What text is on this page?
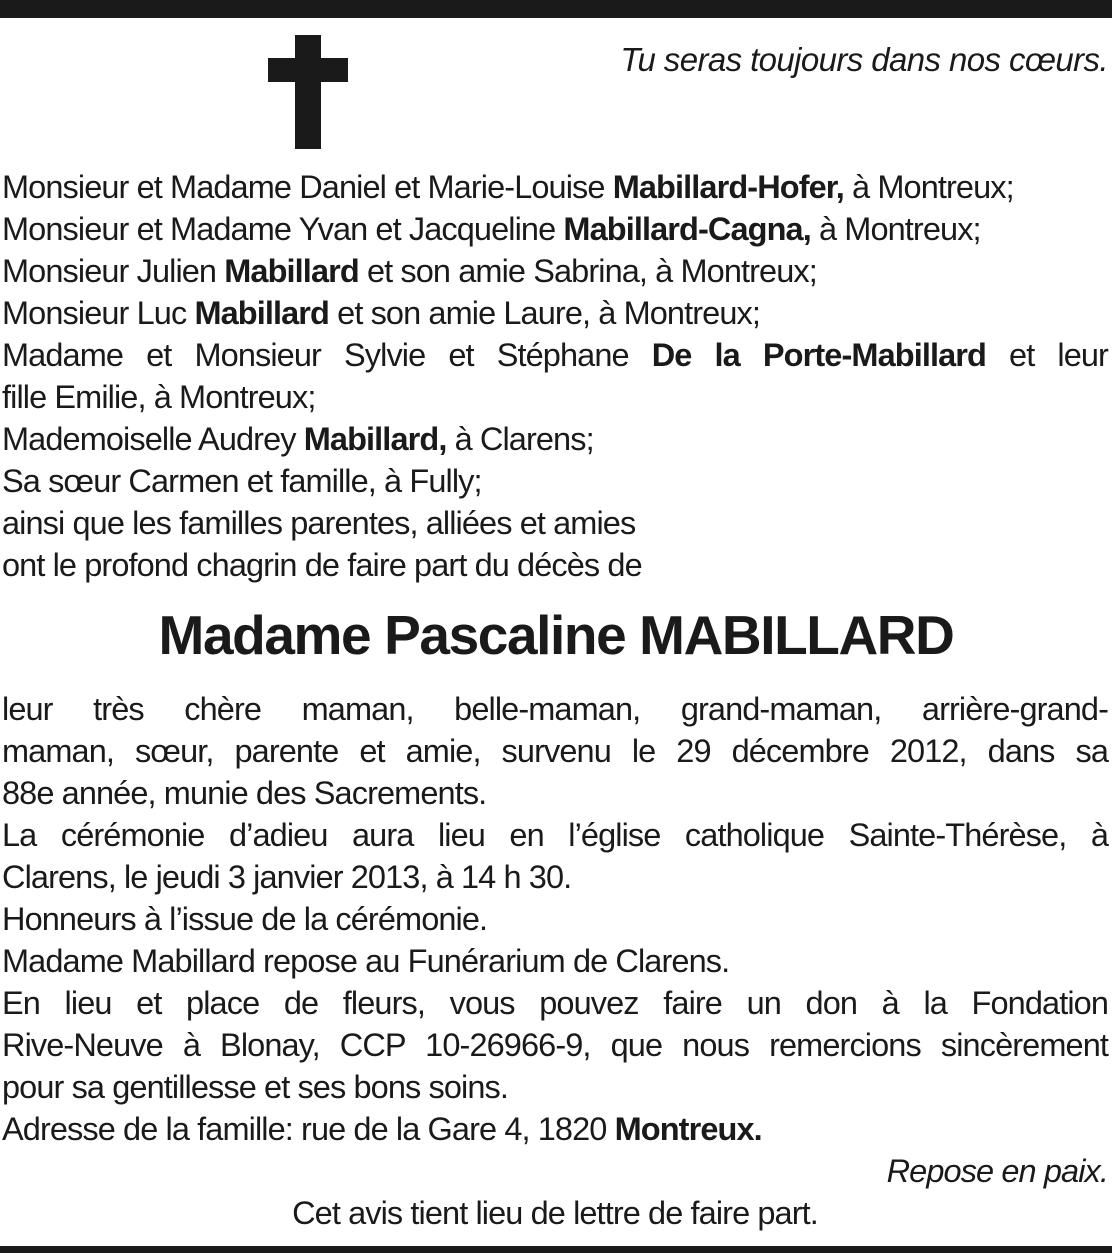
Tu seras toujours dans nos cœurs.
Monsieur et Madame Daniel et Marie-Louise Mabillard-Hofer, à Montreux;
Monsieur et Madame Yvan et Jacqueline Mabillard-Cagna, à Montreux;
Monsieur Julien Mabillard et son amie Sabrina, à Montreux;
Monsieur Luc Mabillard et son amie Laure, à Montreux;
Madame et Monsieur Sylvie et Stéphane De la Porte-Mabillard et leur
fille Emilie, à Montreux;
Mademoiselle Audrey Mabillard, à Clarens;
Sa sœur Carmen et famille, à Fully;
ainsi que les familles parentes, alliées et amies
ont le profond chagrin de faire part du décès de
Madame Pascaline MABILLARD
leur très chère maman, belle-maman, grand-maman, arrière-grand-
maman, sœur, parente et amie, survenu le 29 décembre 2012, dans sa
88e année, munie des Sacrements.
La cérémonie d’adieu aura lieu en l’église catholique Sainte-Thérèse, à
Clarens, le jeudi 3 janvier 2013, à 14 h 30.
Honneurs à l’issue de la cérémonie.
Madame Mabillard repose au Funérarium de Clarens.
En lieu et place de fleurs, vous pouvez faire un don à la Fondation
Rive-Neuve à Blonay, CCP 10-26966-9, que nous remercions sincèrement
pour sa gentillesse et ses bons soins.
Adresse de la famille: rue de la Gare 4, 1820 Montreux.
Repose en paix.
Cet avis tient lieu de lettre de faire part.
